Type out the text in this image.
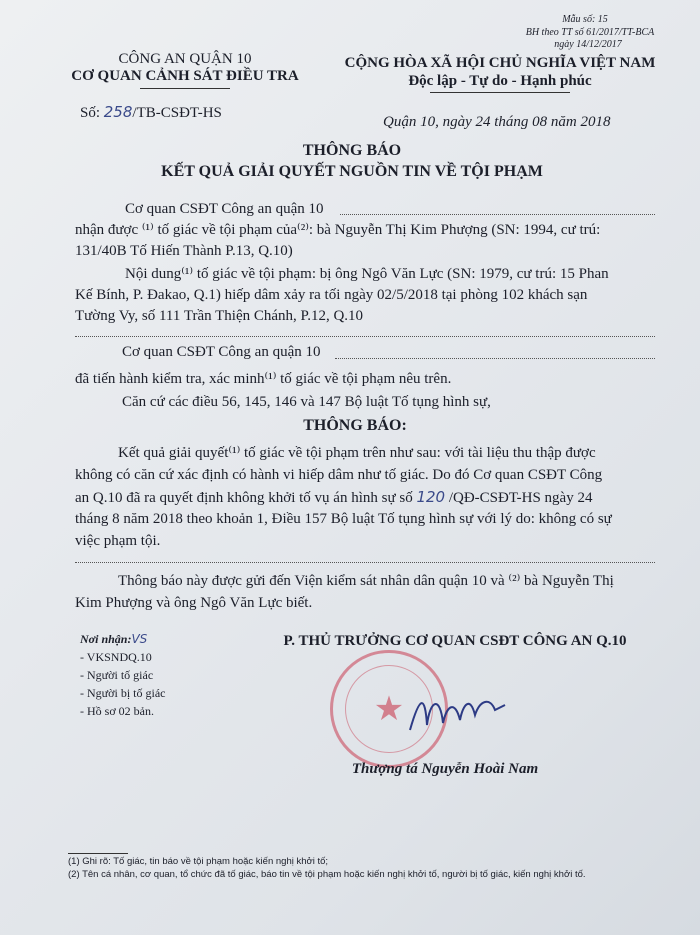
Mẫu số: 15
BH theo TT số 61/2017/TT-BCA
ngày 14/12/2017
CÔNG AN QUẬN 10
CƠ QUAN CẢNH SÁT ĐIỀU TRA
Số: 258/TB-CSĐT-HS
CỘNG HÒA XÃ HỘI CHỦ NGHĨA VIỆT NAM
Độc lập - Tự do - Hạnh phúc
Quận 10, ngày 24 tháng 08 năm 2018
THÔNG BÁO
KẾT QUẢ GIẢI QUYẾT NGUỒN TIN VỀ TỘI PHẠM
Cơ quan CSĐT Công an quận 10
nhận được ⁽¹⁾ tố giác về tội phạm của⁽²⁾: bà Nguyễn Thị Kim Phượng (SN: 1994, cư trú:
131/40B Tố Hiến Thành P.13, Q.10)
Nội dung⁽¹⁾ tố giác về tội phạm: bị ông Ngô Văn Lực (SN: 1979, cư trú: 15 Phan
Kế Bính, P. Đakao, Q.1) hiếp dâm xảy ra tối ngày 02/5/2018 tại phòng 102 khách sạn
Tường Vy, số 111 Trần Thiện Chánh, P.12, Q.10
Cơ quan CSĐT Công an quận 10
đã tiến hành kiểm tra, xác minh⁽¹⁾ tố giác về tội phạm nêu trên.
Căn cứ các điều 56, 145, 146 và 147 Bộ luật Tố tụng hình sự,
THÔNG BÁO:
Kết quả giải quyết⁽¹⁾ tố giác về tội phạm trên như sau: với tài liệu thu thập được
không có căn cứ xác định có hành vi hiếp dâm như tố giác. Do đó Cơ quan CSĐT Công
an Q.10 đã ra quyết định không khởi tố vụ án hình sự số 120 /QĐ-CSĐT-HS ngày 24
tháng 8 năm 2018 theo khoản 1, Điều 157 Bộ luật Tố tụng hình sự với lý do: không có sự
việc phạm tội.
Thông báo này được gửi đến Viện kiểm sát nhân dân quận 10 và ⁽²⁾ bà Nguyễn Thị
Kim Phượng và ông Ngô Văn Lực biết.
Nơi nhận:VS
- VKSNDQ.10
- Người tố giác
- Người bị tố giác
- Hồ sơ 02 bản.
P. THỦ TRƯỞNG CƠ QUAN CSĐT CÔNG AN Q.10
★
Thượng tá Nguyễn Hoài Nam
(1) Ghi rõ: Tố giác, tin báo về tội phạm hoặc kiến nghị khởi tố;
(2) Tên cá nhân, cơ quan, tổ chức đã tố giác, báo tin về tội phạm hoặc kiến nghị khởi tố, người bị tố giác, kiến nghị khởi tố.
